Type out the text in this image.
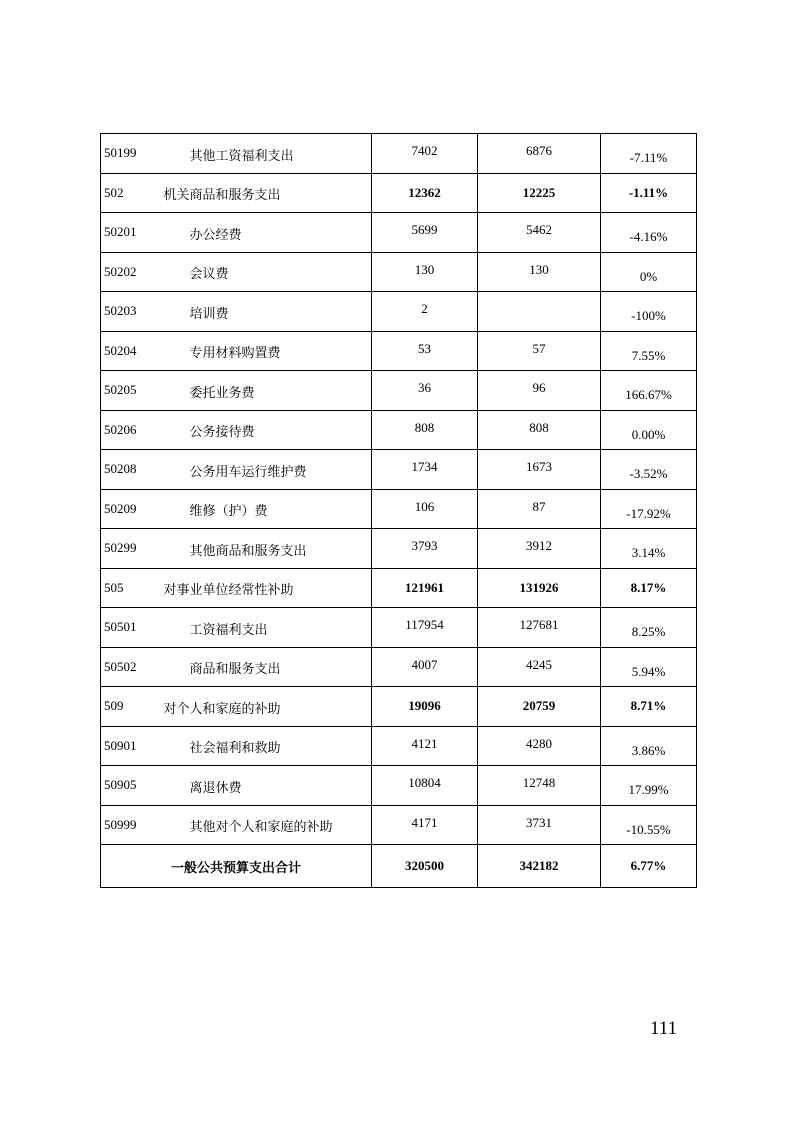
50199	其他工资福利支出	7402	6876	-7.11%
502	机关商品和服务支出	12362	12225	-1.11%
50201	办公经费	5699	5462	-4.16%
50202	会议费	130	130	0%
50203	培训费	2		-100%
50204	专用材料购置费	53	57	7.55%
50205	委托业务费	36	96	166.67%
50206	公务接待费	808	808	0.00%
50208	公务用车运行维护费	1734	1673	-3.52%
50209	维修（护）费	106	87	-17.92%
50299	其他商品和服务支出	3793	3912	3.14%
505	对事业单位经常性补助	121961	131926	8.17%
50501	工资福利支出	117954	127681	8.25%
50502	商品和服务支出	4007	4245	5.94%
509	对个人和家庭的补助	19096	20759	8.71%
50901	社会福利和救助	4121	4280	3.86%
50905	离退休费	10804	12748	17.99%
50999	其他对个人和家庭的补助	4171	3731	-10.55%
一般公共预算支出合计		320500	342182	6.77%
111
